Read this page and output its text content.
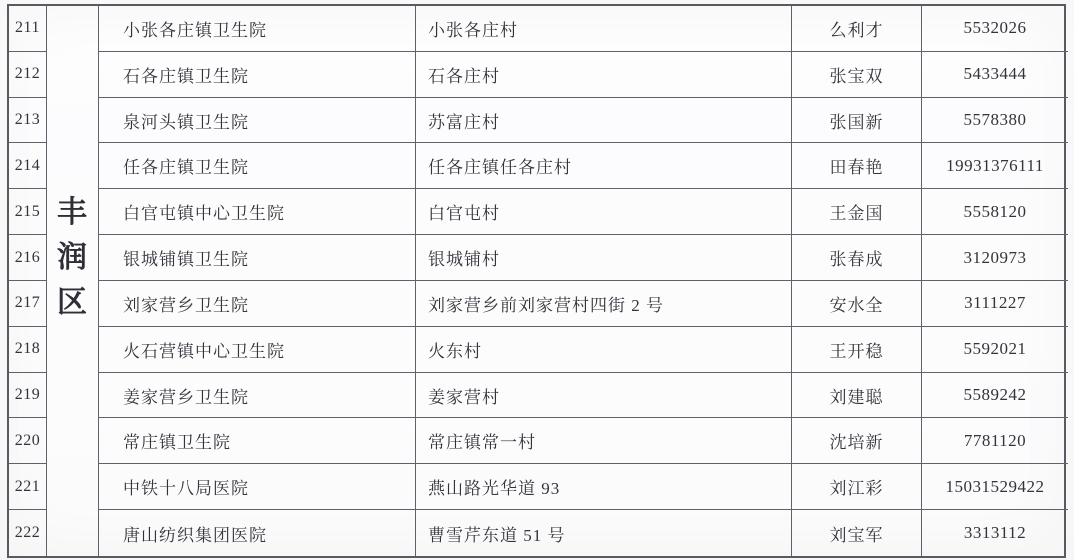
丰
润
区
211	小张各庄镇卫生院	小张各庄村	么利才	5532026
212	石各庄镇卫生院	石各庄村	张宝双	5433444
213	泉河头镇卫生院	苏富庄村	张国新	5578380
214	任各庄镇卫生院	任各庄镇任各庄村	田春艳	19931376111
215	白官屯镇中心卫生院	白官屯村	王金国	5558120
216	银城铺镇卫生院	银城铺村	张春成	3120973
217	刘家营乡卫生院	刘家营乡前刘家营村四街 2 号	安水全	3111227
218	火石营镇中心卫生院	火东村	王开稳	5592021
219	姜家营乡卫生院	姜家营村	刘建聪	5589242
220	常庄镇卫生院	常庄镇常一村	沈培新	7781120
221	中铁十八局医院	燕山路光华道 93	刘江彩	15031529422
222	唐山纺织集团医院	曹雪芹东道 51 号	刘宝军	3313112
